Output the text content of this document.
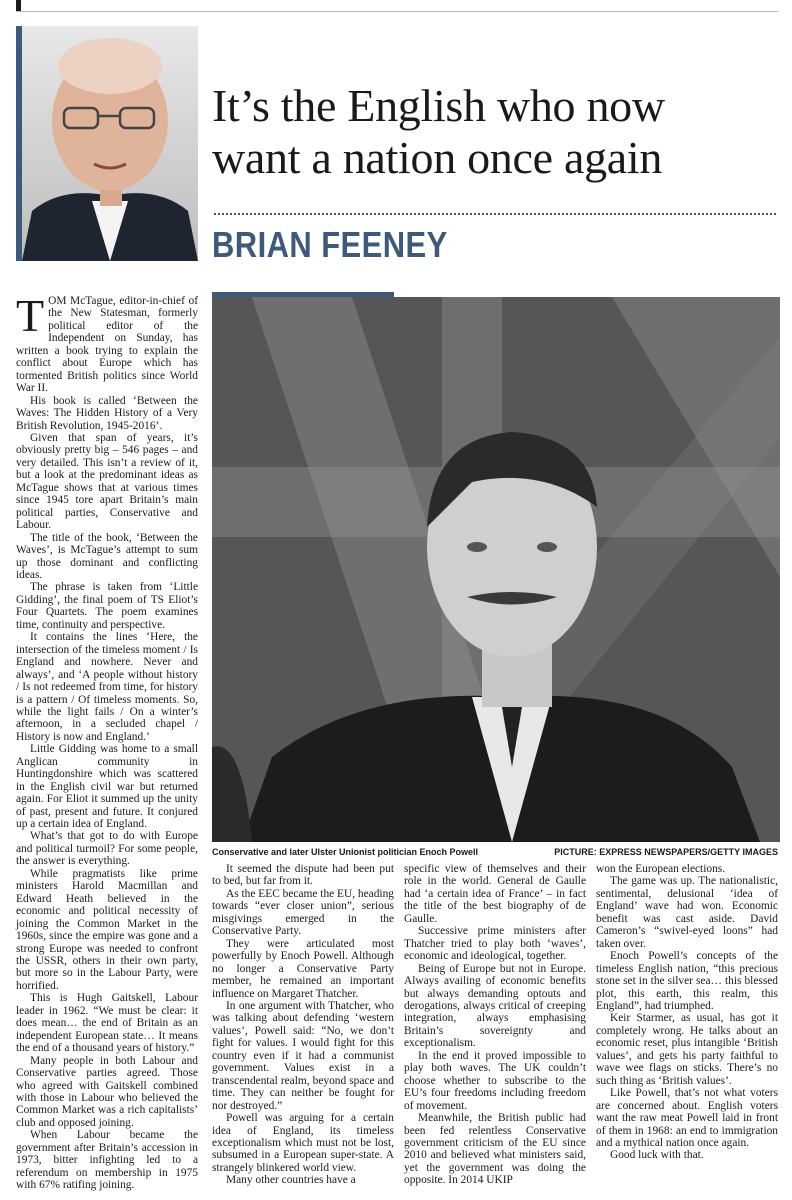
It’s the English who now
want a nation once again
BRIAN FEENEY
Conservative and later Ulster Unionist politician Enoch Powell	PICTURE: EXPRESS NEWSPAPERS/GETTY IMAGES

TOM McTague, editor-in-chief of the New Statesman, formerly political editor of the Independent on Sunday, has written a book trying to explain the conflict about Europe which has tormented British politics since World War II.

His book is called ‘Between the Waves: The Hidden History of a Very British Revolution, 1945-2016’.

Given that span of years, it’s obviously pretty big – 546 pages – and very detailed. This isn’t a review of it, but a look at the predominant ideas as McTague shows that at various times since 1945 tore apart Britain’s main political parties, Conservative and Labour.

The title of the book, ‘Between the Waves’, is McTague’s attempt to sum up those dominant and conflicting ideas.

The phrase is taken from ‘Little Gidding’, the final poem of TS Eliot’s Four Quartets. The poem examines time, continuity and perspective.

It contains the lines ‘Here, the intersection of the timeless moment / Is England and nowhere. Never and always’, and ‘A people without history / Is not redeemed from time, for history is a pattern / Of timeless moments. So, while the light fails / On a winter’s afternoon, in a secluded chapel / History is now and England.’

Little Gidding was home to a small Anglican community in Huntingdonshire which was scattered in the English civil war but returned again. For Eliot it summed up the unity of past, present and future. It conjured up a certain idea of England.

What’s that got to do with Europe and political turmoil? For some people, the answer is everything.

While pragmatists like prime ministers Harold Macmillan and Edward Heath believed in the economic and political necessity of joining the Common Market in the 1960s, since the empire was gone and a strong Europe was needed to confront the USSR, others in their own party, but more so in the Labour Party, were horrified.

This is Hugh Gaitskell, Labour leader in 1962. “We must be clear: it does mean… the end of Britain as an independent European state… It means the end of a thousand years of history.”

Many people in both Labour and Conservative parties agreed. Those who agreed with Gaitskell combined with those in Labour who believed the Common Market was a rich capitalists’ club and opposed joining.

When Labour became the government after Britain’s accession in 1973, bitter infighting led to a referendum on membership in 1975 with 67% ratifing joining.

It seemed the dispute had been put to bed, but far from it.

As the EEC became the EU, heading towards “ever closer union”, serious misgivings emerged in the Conservative Party.

They were articulated most powerfully by Enoch Powell. Although no longer a Conservative Party member, he remained an important influence on Margaret Thatcher.

In one argument with Thatcher, who was talking about defending ‘western values’, Powell said: “No, we don’t fight for values. I would fight for this country even if it had a communist government. Values exist in a transcendental realm, beyond space and time. They can neither be fought for nor destroyed.”

Powell was arguing for a certain idea of England, its timeless exceptionalism which must not be lost, subsumed in a European super-state. A strangely blinkered world view.

Many other countries have a

specific view of themselves and their role in the world. General de Gaulle had ‘a certain idea of France’ – in fact the title of the best biography of de Gaulle.

Successive prime ministers after Thatcher tried to play both ‘waves’, economic and ideological, together.

Being of Europe but not in Europe. Always availing of economic benefits but always demanding optouts and derogations, always critical of creeping integration, always emphasising Britain’s sovereignty and exceptionalism.

In the end it proved impossible to play both waves. The UK couldn’t choose whether to subscribe to the EU’s four freedoms including freedom of movement.

Meanwhile, the British public had been fed relentless Conservative government criticism of the EU since 2010 and believed what ministers said, yet the government was doing the opposite. In 2014 UKIP

won the European elections.

The game was up. The nationalistic, sentimental, delusional ‘idea of England’ wave had won. Economic benefit was cast aside. David Cameron’s “swivel-eyed loons” had taken over.

Enoch Powell’s concepts of the timeless English nation, “this precious stone set in the silver sea… this blessed plot, this earth, this realm, this England”, had triumphed.

Keir Starmer, as usual, has got it completely wrong. He talks about an economic reset, plus intangible ‘British values’, and gets his party faithful to wave wee flags on sticks. There’s no such thing as ‘British values’.

Like Powell, that’s not what voters are concerned about. English voters want the raw meat Powell laid in front of them in 1968: an end to immigration and a mythical nation once again.

Good luck with that.
